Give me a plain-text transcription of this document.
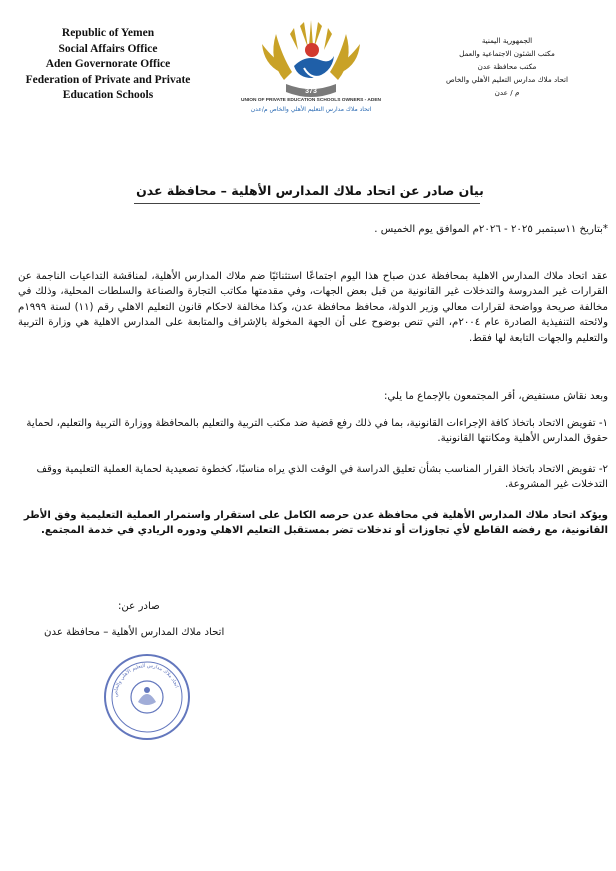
Republic of Yemen
Social Affairs Office
Aden Governorate Office
Federation of Private and Private
Education Schools	373
UNION OF PRIVATE EDUCATION SCHOOLS OWNERS - ADEN
اتحاد ملاك مدارس التعليم الأهلي والخاص م/عدن
الجمهورية اليمنية
مكتب الشئون الاجتماعية والعمل
مكتب محافظة عدن
اتحاد ملاك مدارس التعليم الأهلي والخاص
م / عدن
بيان صادر عن اتحاد ملاك المدارس الأهلية – محافظة عدن
*بتاريخ ١١سبتمبر ٢٠٢٥ - ٢٠٢٦م الموافق يوم الخميس .
عقد اتحاد ملاك المدارس الاهلية بمحافظة عدن صباح هذا اليوم اجتماعًا استثنائيًا ضم ملاك المدارس الأهلية، لمناقشة التداعيات الناجمة عن القرارات غير المدروسة والتدخلات غير القانونية من قبل بعض الجهات، وفي مقدمتها مكاتب التجارة والصناعة والسلطات المحلية، وذلك في مخالفة صريحة وواضحة لقرارات معالي وزير الدولة، محافظ محافظة عدن، وكذا مخالفة لاحكام قانون التعليم الاهلي رقم (١١) لسنة ١٩٩٩م ولائحته التنفيذية الصادرة عام ٢٠٠٤م، التي تنص بوضوح على أن الجهة المخولة بالإشراف والمتابعة على المدارس الاهلية هي وزارة التربية والتعليم والجهات التابعة لها فقط.
وبعد نقاش مستفيض، أقر المجتمعون بالإجماع ما يلي:
١- تفويض الاتحاد باتخاذ كافة الإجراءات القانونية، بما في ذلك رفع قضية ضد مكتب التربية والتعليم بالمحافظة ووزارة التربية والتعليم، لحماية حقوق المدارس الأهلية ومكانتها القانونية.
٢- تفويض الاتحاد باتخاذ القرار المناسب بشأن تعليق الدراسة في الوقت الذي يراه مناسبًا، كخطوة تصعيدية لحماية العملية التعليمية ووقف التدخلات غير المشروعة.
ويؤكد اتحاد ملاك المدارس الأهلية في محافظة عدن حرصه الكامل على استقرار واستمرار العملية التعليمية وفق الأطر القانونية، مع رفضه القاطع لأي تجاوزات أو تدخلات تضر بمستقبل التعليم الاهلي ودوره الريادي في خدمة المجتمع.
صادر عن:
اتحاد ملاك المدارس الأهلية – محافظة عدن
اتحاد ملاك مدارس التعليم الأهلي والخاص
